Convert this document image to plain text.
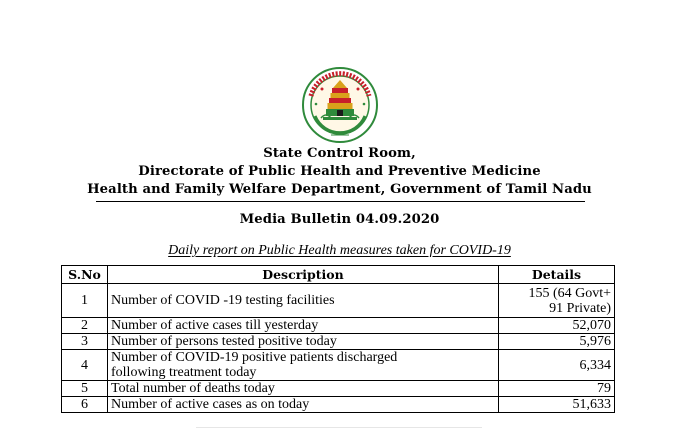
State Control Room,
Directorate of Public Health and Preventive Medicine
Health and Family Welfare Department, Government of Tamil Nadu
Media Bulletin 04.09.2020
Daily report on Public Health measures taken for COVID-19
S.No	Description	Details
1	Number of COVID -19 testing facilities	155 (64 Govt+
91 Private)

2	Number of active cases till yesterday	52,070
3	Number of persons tested positive today	5,976
4	Number of COVID-19 positive patients discharged
following treatment today	6,334
5	Total number of deaths today	79
6	Number of active cases as on today	51,633
